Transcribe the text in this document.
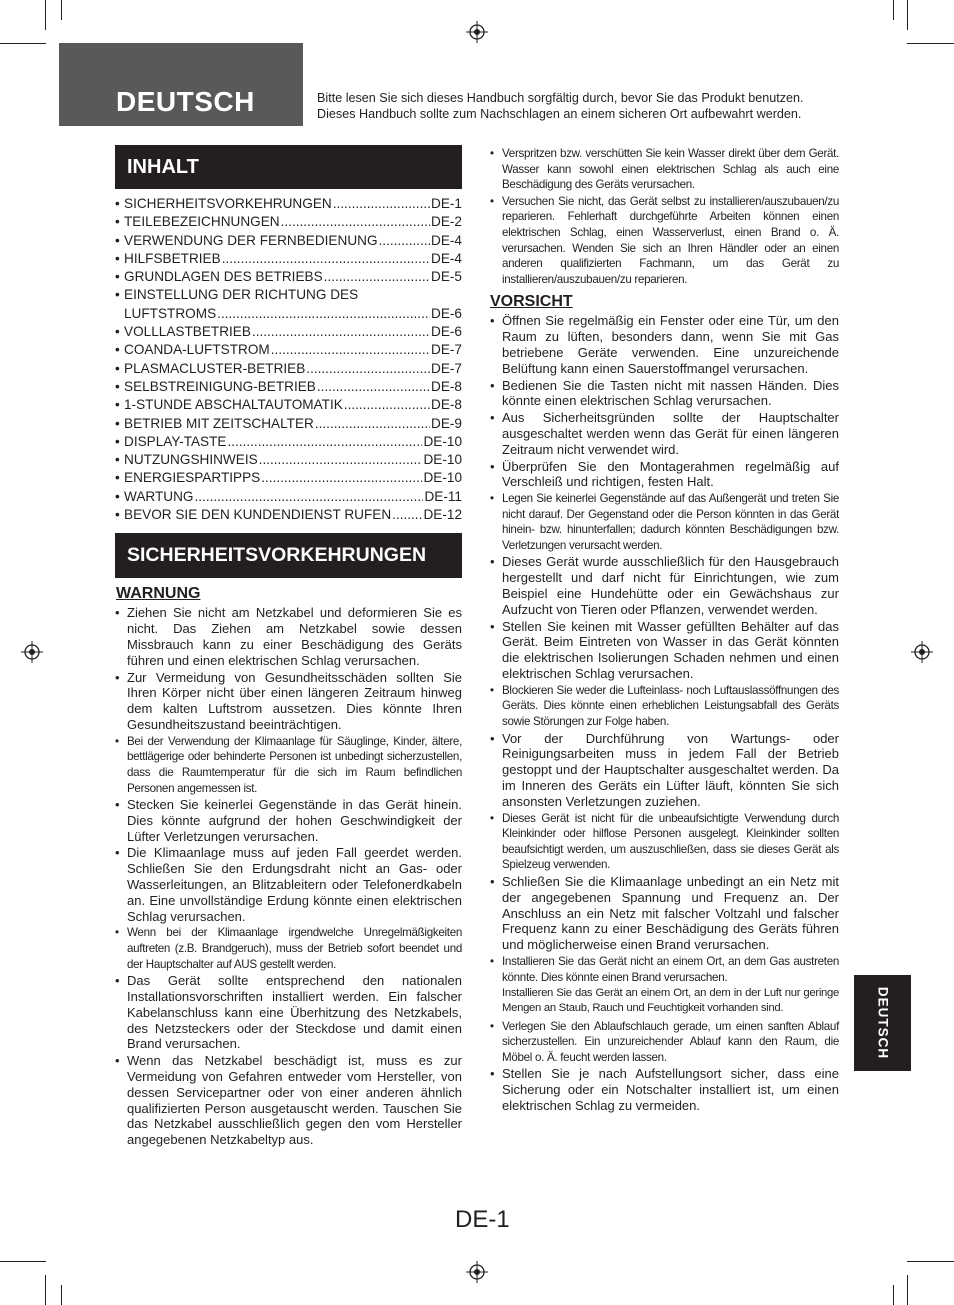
DEUTSCH	Bitte lesen Sie sich dieses Handbuch sorgfältig durch, bevor Sie das Produkt benutzen.
Dieses Handbuch sollte zum Nachschlagen an einem sicheren Ort aufbewahrt werden.
INHALT
• SICHERHEITSVORKEHRUNGEN .....	DE-1
• TEILEBEZEICHNUNGEN .....	DE-2
• VERWENDUNG DER FERNBEDIENUNG .....	DE-4
• HILFSBETRIEB .....	DE-4
• GRUNDLAGEN DES BETRIEBS .....	DE-5
• EINSTELLUNG DER RICHTUNG DES
LUFTSTROMS .....	DE-6
• VOLLLASTBETRIEB .....	DE-6
• COANDA-LUFTSTROM .....	DE-7
• PLASMACLUSTER-BETRIEB .....	DE-7
• SELBSTREINIGUNG-BETRIEB .....	DE-8
• 1-STUNDE ABSCHALTAUTOMATIK .....	DE-8
• BETRIEB MIT ZEITSCHALTER .....	DE-9
• DISPLAY-TASTE .....	DE-10
• NUTZUNGSHINWEIS .....	DE-10
• ENERGIESPARTIPPS .....	DE-10
• WARTUNG .....	DE-11
• BEVOR SIE DEN KUNDENDIENST RUFEN ..... DE-12
SICHERHEITSVORKEHRUNGEN
WARNUNG
• Ziehen Sie nicht am Netzkabel und deformieren Sie es nicht. Das Ziehen am Netzkabel sowie dessen Missbrauch kann zu einer Beschädigung des Geräts führen und einen elektrischen Schlag verursachen.
• Zur Vermeidung von Gesundheitsschäden sollten Sie Ihren Körper nicht über einen längeren Zeitraum hinweg dem kalten Luftstrom aussetzen. Dies könnte Ihren Gesundheitszustand beeinträchtigen.
• Bei der Verwendung der Klimaanlage für Säuglinge, Kinder, ältere, bettlägerige oder behinderte Personen ist unbedingt sicherzustellen, dass die Raumtemperatur für die sich im Raum befindlichen Personen angemessen ist.
• Stecken Sie keinerlei Gegenstände in das Gerät hinein. Dies könnte aufgrund der hohen Geschwindigkeit der Lüfter Verletzungen verursachen.
• Die Klimaanlage muss auf jeden Fall geerdet werden. Schließen Sie den Erdungsdraht nicht an Gas- oder Wasserleitungen, an Blitzableitern oder Telefonerdkabeln an. Eine unvollständige Erdung könnte einen elektrischen Schlag verursachen.
• Wenn bei der Klimaanlage irgendwelche Unregelmäßigkeiten auftreten (z.B. Brandgeruch), muss der Betrieb sofort beendet und der Hauptschalter auf AUS gestellt werden.
• Das Gerät sollte entsprechend den nationalen Installationsvorschriften installiert werden. Ein falscher Kabelanschluss kann eine Überhitzung des Netzkabels, des Netzsteckers oder der Steckdose und damit einen Brand verursachen.
• Wenn das Netzkabel beschädigt ist, muss es zur Vermeidung von Gefahren entweder vom Hersteller, von dessen Servicepartner oder von einer anderen ähnlich qualifizierten Person ausgetauscht werden. Tauschen Sie das Netzkabel ausschließlich gegen den vom Hersteller angegebenen Netzkabeltyp aus.
• Verspritzen bzw. verschütten Sie kein Wasser direkt über dem Gerät. Wasser kann sowohl einen elektrischen Schlag als auch eine Beschädigung des Geräts verursachen.
• Versuchen Sie nicht, das Gerät selbst zu installieren/auszubauen/zu reparieren. Fehlerhaft durchgeführte Arbeiten können einen elektrischen Schlag, einen Wasserverlust, einen Brand o. Ä. verursachen. Wenden Sie sich an Ihren Händler oder an einen anderen qualifizierten Fachmann, um das Gerät zu installieren/auszubauen/zu reparieren.
VORSICHT
• Öffnen Sie regelmäßig ein Fenster oder eine Tür, um den Raum zu lüften, besonders dann, wenn Sie mit Gas betriebene Geräte verwenden. Eine unzureichende Belüftung kann einen Sauerstoffmangel verursachen.
• Bedienen Sie die Tasten nicht mit nassen Händen. Dies könnte einen elektrischen Schlag verursachen.
• Aus Sicherheitsgründen sollte der Hauptschalter ausgeschaltet werden wenn das Gerät für einen längeren Zeitraum nicht verwendet wird.
• Überprüfen Sie den Montagerahmen regelmäßig auf Verschleiß und richtigen, festen Halt.
• Legen Sie keinerlei Gegenstände auf das Außengerät und treten Sie nicht darauf. Der Gegenstand oder die Person könnten in das Gerät hinein- bzw. hinunterfallen; dadurch könnten Beschädigungen bzw. Verletzungen verursacht werden.
• Dieses Gerät wurde ausschließlich für den Hausgebrauch hergestellt und darf nicht für Einrichtungen, wie zum Beispiel eine Hundehütte oder ein Gewächshaus zur Aufzucht von Tieren oder Pflanzen, verwendet werden.
• Stellen Sie keinen mit Wasser gefüllten Behälter auf das Gerät. Beim Eintreten von Wasser in das Gerät könnten die elektrischen Isolierungen Schaden nehmen und einen elektrischen Schlag verursachen.
• Blockieren Sie weder die Lufteinlass- noch Luftauslassöffnungen des Geräts. Dies könnte einen erheblichen Leistungsabfall des Geräts sowie Störungen zur Folge haben.
• Vor der Durchführung von Wartungs- oder Reinigungsarbeiten muss in jedem Fall der Betrieb gestoppt und der Hauptschalter ausgeschaltet werden. Da im Inneren des Geräts ein Lüfter läuft, könnten Sie sich ansonsten Verletzungen zuziehen.
• Dieses Gerät ist nicht für die unbeaufsichtigte Verwendung durch Kleinkinder oder hilflose Personen ausgelegt. Kleinkinder sollten beaufsichtigt werden, um auszuschließen, dass sie dieses Gerät als Spielzeug verwenden.
• Schließen Sie die Klimaanlage unbedingt an ein Netz mit der angegebenen Spannung und Frequenz an. Der Anschluss an ein Netz mit falscher Voltzahl und falscher Frequenz kann zu einer Beschädigung des Geräts führen und möglicherweise einen Brand verursachen.
• Installieren Sie das Gerät nicht an einem Ort, an dem Gas austreten könnte. Dies könnte einen Brand verursachen.
Installieren Sie das Gerät an einem Ort, an dem in der Luft nur geringe Mengen an Staub, Rauch und Feuchtigkeit vorhanden sind.
• Verlegen Sie den Ablaufschlauch gerade, um einen sanften Ablauf sicherzustellen. Ein unzureichender Ablauf kann den Raum, die Möbel o. Ä. feucht werden lassen.
• Stellen Sie je nach Aufstellungsort sicher, dass eine Sicherung oder ein Notschalter installiert ist, um einen elektrischen Schlag zu vermeiden.
DE-1
DEUTSCH
